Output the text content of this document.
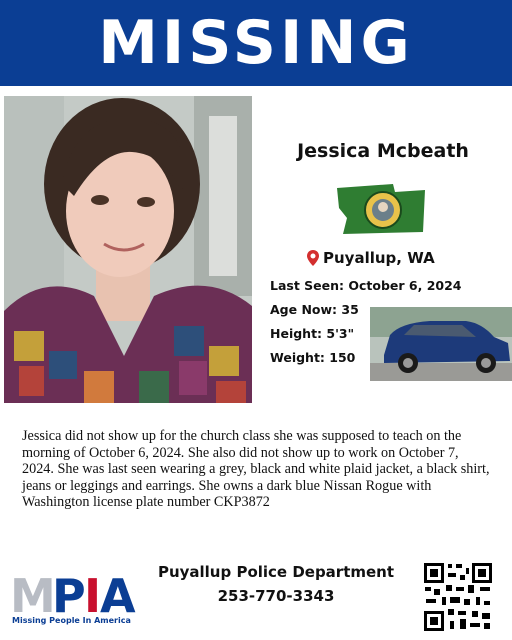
MISSING
Jessica Mcbeath
Puyallup, WA
Last Seen: October 6, 2024
Age Now: 35
Height: 5'3"
Weight: 150
Jessica did not show up for the church class she was supposed to teach on the morning of October 6, 2024. She also did not show up to work on October 7, 2024. She was last seen wearing a grey, black and white plaid jacket, a black shirt, jeans or leggings and earrings. She owns a dark blue Nissan Rogue with Washington license plate number CKP3872
M
P
I
A
Missing People In America
Puyallup Police Department
253-770-3343
